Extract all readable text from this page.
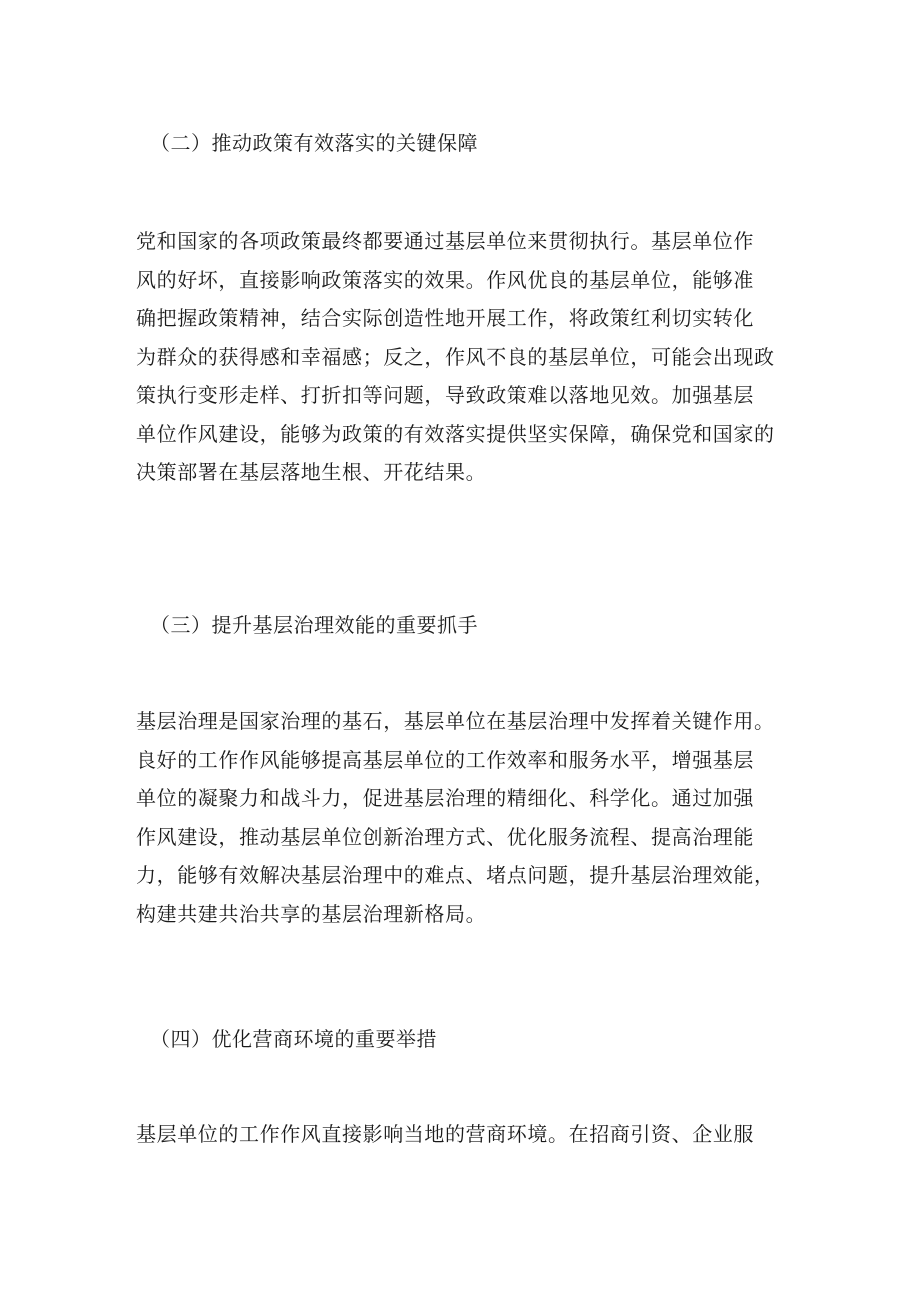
（二）推动政策有效落实的关键保障
党和国家的各项政策最终都要通过基层单位来贯彻执行。基层单位作
风的好坏，直接影响政策落实的效果。作风优良的基层单位，能够准
确把握政策精神，结合实际创造性地开展工作，将政策红利切实转化
为群众的获得感和幸福感；反之，作风不良的基层单位，可能会出现政
策执行变形走样、打折扣等问题，导致政策难以落地见效。加强基层
单位作风建设，能够为政策的有效落实提供坚实保障，确保党和国家的
决策部署在基层落地生根、开花结果。
（三）提升基层治理效能的重要抓手
基层治理是国家治理的基石，基层单位在基层治理中发挥着关键作用。
良好的工作作风能够提高基层单位的工作效率和服务水平，增强基层
单位的凝聚力和战斗力，促进基层治理的精细化、科学化。通过加强
作风建设，推动基层单位创新治理方式、优化服务流程、提高治理能
力，能够有效解决基层治理中的难点、堵点问题，提升基层治理效能，
构建共建共治共享的基层治理新格局。
（四）优化营商环境的重要举措
基层单位的工作作风直接影响当地的营商环境。在招商引资、企业服
